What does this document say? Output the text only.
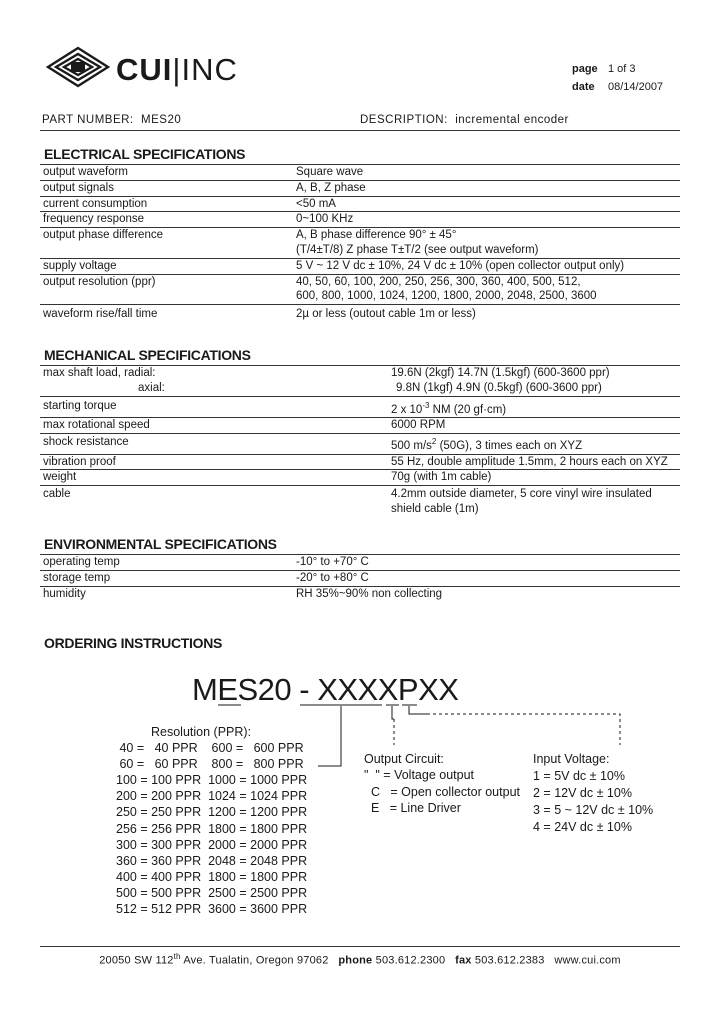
CUI|INC	page 1 of 3
date 08/14/2007
PART NUMBER: MES20	DESCRIPTION: incremental encoder
ELECTRICAL SPECIFICATIONS
output waveform	Square wave
output signals	A, B, Z phase
current consumption	<50 mA
frequency response	0~100 KHz
output phase difference	A, B phase difference 90° ± 45°
	(T/4±T/8) Z phase T±T/2 (see output waveform)
supply voltage	5 V ~ 12 V dc ± 10%, 24 V dc ± 10% (open collector output only)
output resolution (ppr)	40, 50, 60, 100, 200, 250, 256, 300, 360, 400, 500, 512,
	600, 800, 1000, 1024, 1200, 1800, 2000, 2048, 2500, 3600
waveform rise/fall time	2µ or less (outout cable 1m or less)
MECHANICAL SPECIFICATIONS
max shaft load, radial:	19.6N (2kgf) 14.7N (1.5kgf) (600-3600 ppr)
axial:	9.8N (1kgf) 4.9N (0.5kgf) (600-3600 ppr)
starting torque	2 x $10^{-3}$ NM (20 gf·cm)
max rotational speed	6000 RPM
shock resistance	500 $m/s^2$ (50G), 3 times each on XYZ
vibration proof	55 Hz, double amplitude 1.5mm, 2 hours each on XYZ
weight	70g (with 1m cable)
cable	4.2mm outside diameter, 5 core vinyl wire insulated shield cable (1m)
ENVIRONMENTAL SPECIFICATIONS
operating temp	-10° to +70° C
storage temp	-20° to +80° C
humidity	RH 35%~90% non collecting
ORDERING INSTRUCTIONS
MES20 - XXXXPXX
Resolution (PPR):
40 =   40 PPR    600 =   600 PPR
60 =   60 PPR    800 =   800 PPR
100 = 100 PPR  1000 = 1000 PPR
200 = 200 PPR  1024 = 1024 PPR
250 = 250 PPR  1200 = 1200 PPR
256 = 256 PPR  1800 = 1800 PPR
300 = 300 PPR  2000 = 2000 PPR
360 = 360 PPR  2048 = 2048 PPR
400 = 400 PPR  1800 = 1800 PPR
500 = 500 PPR  2500 = 2500 PPR
512 = 512 PPR  3600 = 3600 PPR
Output Circuit:
"  " = Voltage output
C   = Open collector output
E   = Line Driver
Input Voltage:
1 = 5V dc ± 10%
2 = 12V dc ± 10%
3 = 5 ~ 12V dc ± 10%
4 = 24V dc ± 10%
20050 SW 112th Ave. Tualatin, Oregon 97062 phone 503.612.2300 fax 503.612.2383 www.cui.com
